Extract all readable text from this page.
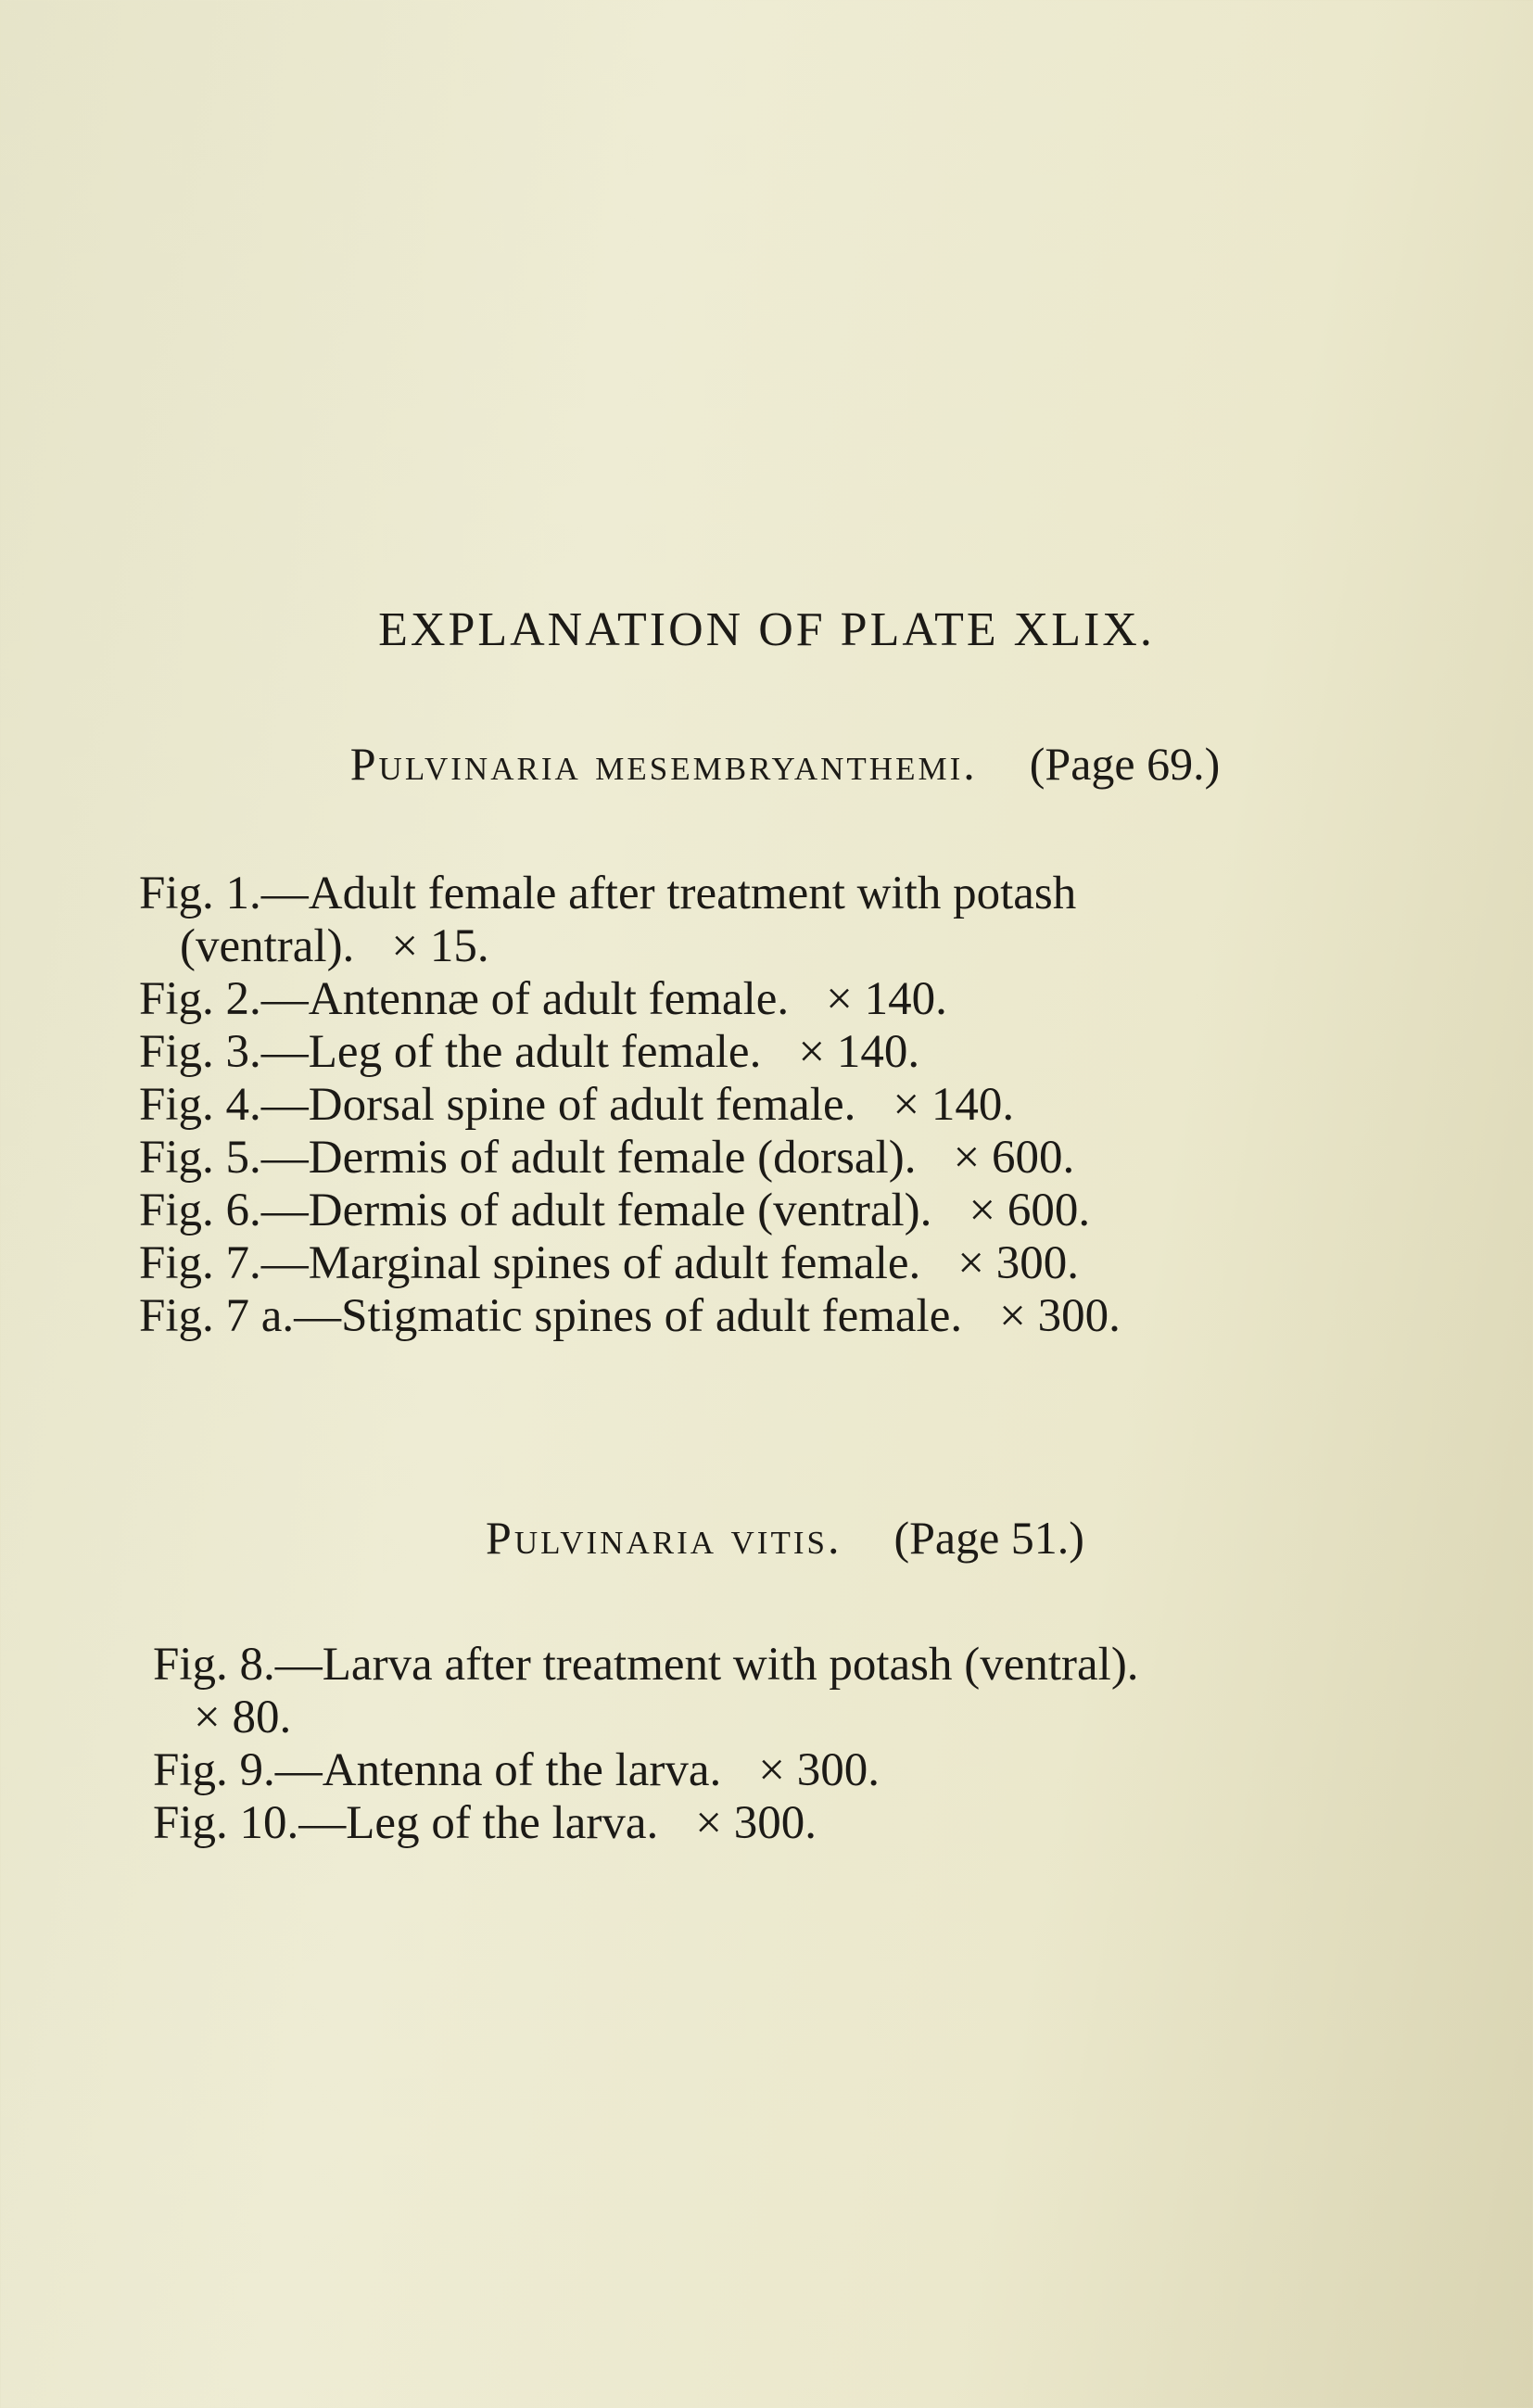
EXPLANATION OF PLATE XLIX.
Pulvinaria mesembryanthemi. (Page 69.)
Fig. 1.—Adult female after treatment with potash
(ventral). × 15.
Fig. 2.—Antennæ of adult female. × 140.
Fig. 3.—Leg of the adult female. × 140.
Fig. 4.—Dorsal spine of adult female. × 140.
Fig. 5.—Dermis of adult female (dorsal). × 600.
Fig. 6.—Dermis of adult female (ventral). × 600.
Fig. 7.—Marginal spines of adult female. × 300.
Fig. 7 a.—Stigmatic spines of adult female. × 300.
Pulvinaria vitis. (Page 51.)
Fig. 8.—Larva after treatment with potash (ventral).
× 80.
Fig. 9.—Antenna of the larva. × 300.
Fig. 10.—Leg of the larva. × 300.
